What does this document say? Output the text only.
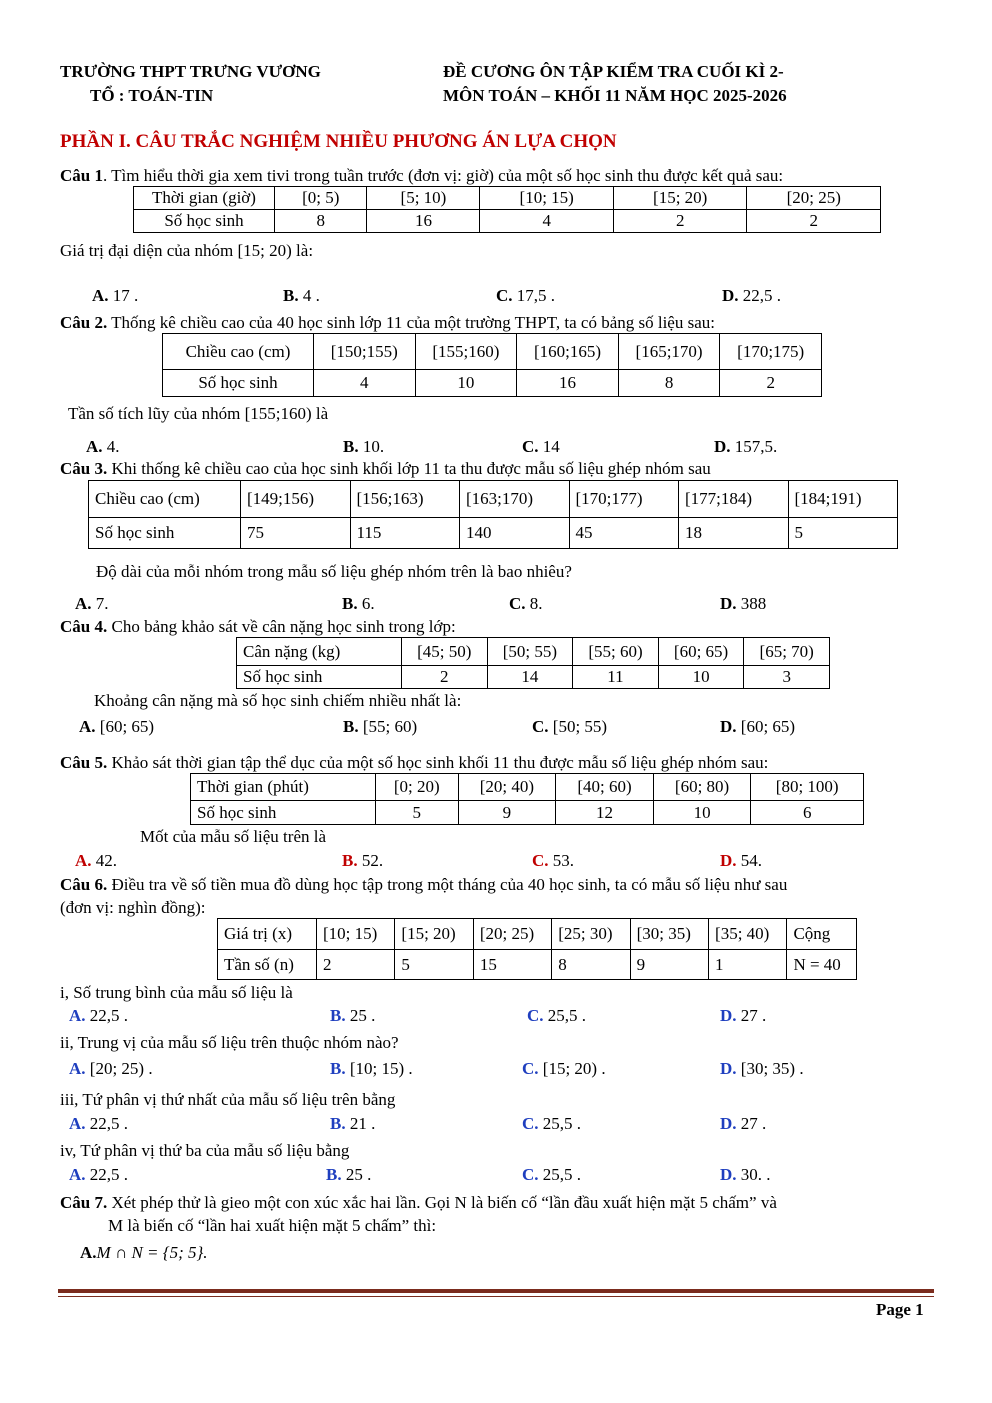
TRƯỜNG THPT TRƯNG VƯƠNG
TỔ : TOÁN-TIN
ĐỀ CƯƠNG ÔN TẬP KIỂM TRA CUỐI KÌ 2-
MÔN TOÁN – KHỐI 11 NĂM HỌC 2025-2026
PHẦN I. CÂU TRẮC NGHIỆM NHIỀU PHƯƠNG ÁN LỰA CHỌN
Câu 1. Tìm hiểu thời gia xem tivi trong tuần trước (đơn vị: giờ) của một số học sinh thu được kết quả sau:
Thời gian (giờ)	[0; 5)	[5; 10)	[10; 15)	[15; 20)	[20; 25)
Số học sinh	8	16	4	2	2
Giá trị đại diện của nhóm [15; 20) là:
A. 17 .	B. 4 .	C. 17,5 .	D. 22,5 .
Câu 2. Thống kê chiều cao của 40 học sinh lớp 11 của một trường THPT, ta có bảng số liệu sau:
Chiều cao (cm)	[150;155)	[155;160)	[160;165)	[165;170)	[170;175)
Số học sinh	4	10	16	8	2
Tần số tích lũy của nhóm [155;160) là
A. 4.	B. 10.	C. 14	D. 157,5.
Câu 3. Khi thống kê chiều cao của học sinh khối lớp 11 ta thu được mẫu số liệu ghép nhóm sau
Chiều cao (cm)	[149;156)	[156;163)	[163;170)	[170;177)	[177;184)	[184;191)
Số học sinh	75	115	140	45	18	5
Độ dài của mỗi nhóm trong mẫu số liệu ghép nhóm trên là bao nhiêu?
A. 7.	B. 6.	C. 8.	D. 388
Câu 4. Cho bảng khảo sát về cân nặng học sinh trong lớp:
Cân nặng (kg)	[45; 50)	[50; 55)	[55; 60)	[60; 65)	[65; 70)
Số học sinh	2	14	11	10	3
Khoảng cân nặng mà số học sinh chiếm nhiều nhất là:
A. [60; 65)	B. [55; 60)	C. [50; 55)	D. [60; 65)
Câu 5. Khảo sát thời gian tập thể dục của một số học sinh khối 11 thu được mẫu số liệu ghép nhóm sau:
Thời gian (phút)	[0; 20)	[20; 40)	[40; 60)	[60; 80)	[80; 100)
Số học sinh	5	9	12	10	6
Mốt của mẫu số liệu trên là
A. 42.	B. 52.	C. 53.	D. 54.
Câu 6. Điều tra về số tiền mua đồ dùng học tập trong một tháng của 40 học sinh, ta có mẫu số liệu như sau
(đơn vị: nghìn đồng):
Giá trị (x)	[10; 15)	[15; 20)	[20; 25)	[25; 30)	[30; 35)	[35; 40)	Cộng
Tần số (n)	2	5	15	8	9	1	N = 40
i, Số trung bình của mẫu số liệu là
A. 22,5 .	B. 25 .	C. 25,5 .	D. 27 .
ii, Trung vị của mẫu số liệu trên thuộc nhóm nào?
A. [20; 25) .	B. [10; 15) .	C. [15; 20) .	D. [30; 35) .
iii, Tứ phân vị thứ nhất của mẫu số liệu trên bằng
A. 22,5 .	B. 21 .	C. 25,5 .	D. 27 .
iv, Tứ phân vị thứ ba của mẫu số liệu bằng
A. 22,5 .	B. 25 .	C. 25,5 .	D. 30. .
Câu 7. Xét phép thử là gieo một con xúc xắc hai lần. Gọi N là biến cố “lần đầu xuất hiện mặt 5 chấm” và
M là biến cố “lần hai xuất hiện mặt 5 chấm” thì:
A.M ∩ N = {5; 5}.
Page 1
